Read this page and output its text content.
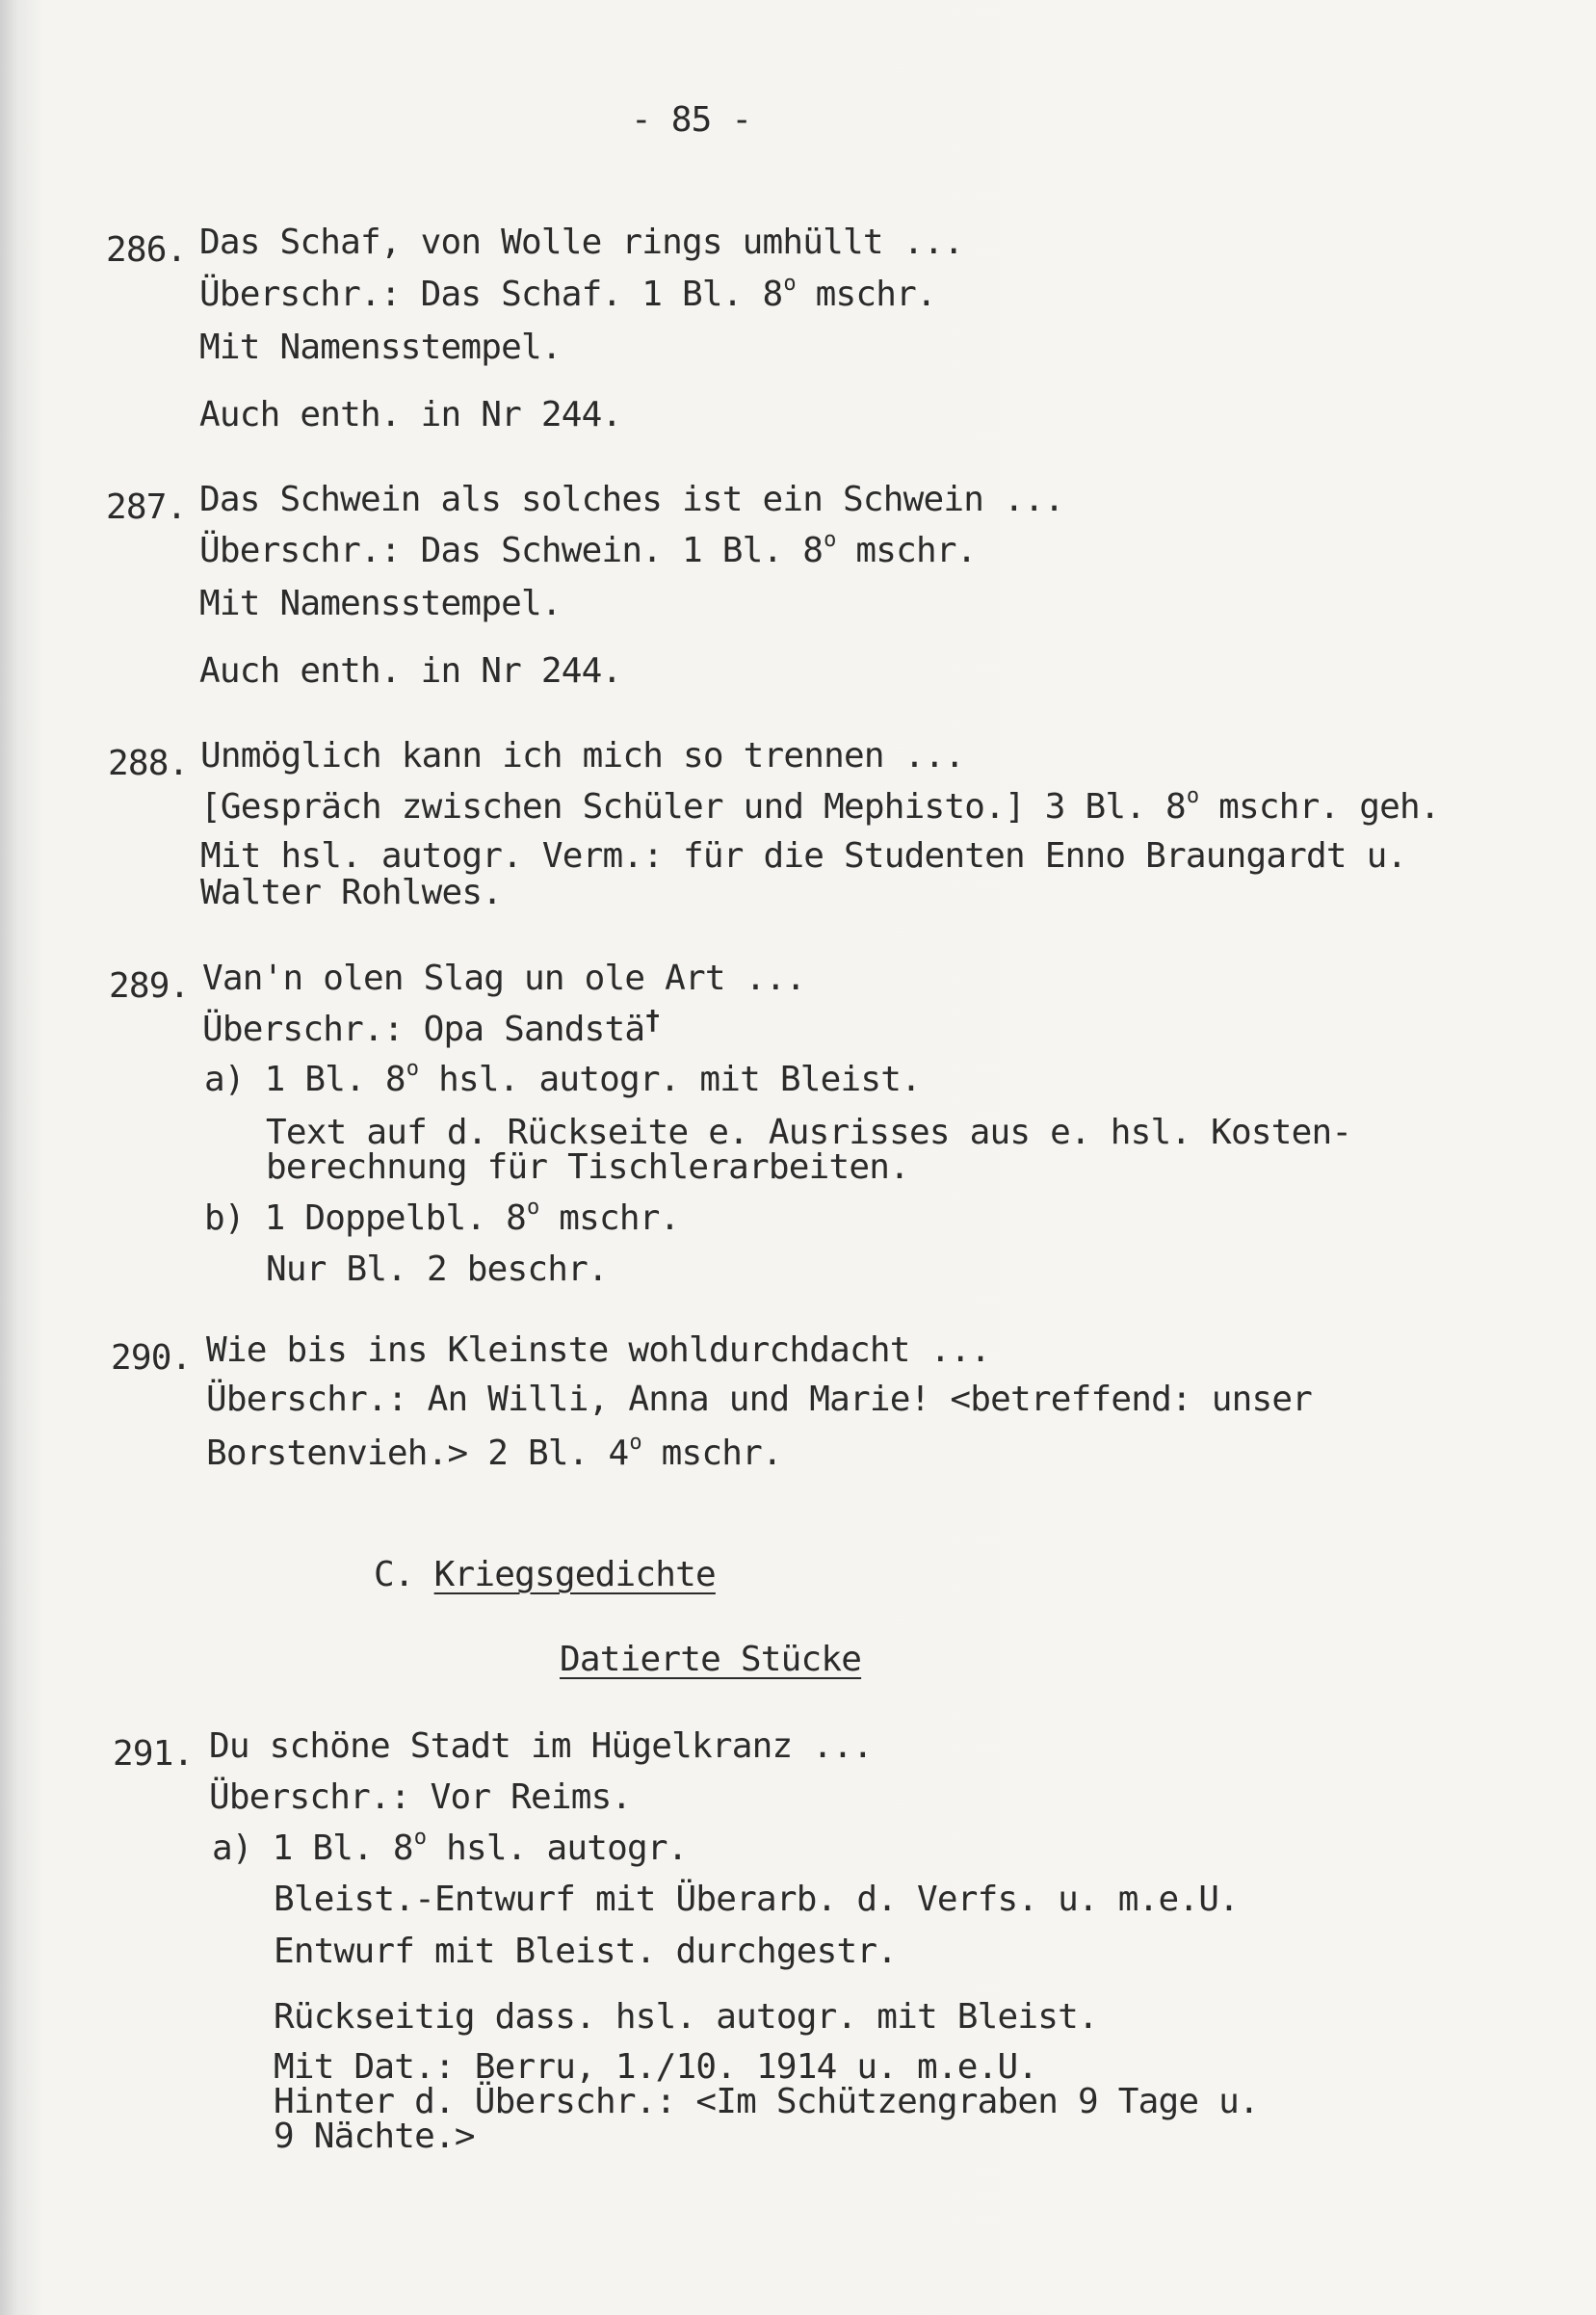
- 85 -
286. Das Schaf, von Wolle rings umhüllt ...
Überschr.: Das Schaf. 1 Bl. 8$^o$ mschr.
Mit Namensstempel.
Auch enth. in Nr 244.
287. Das Schwein als solches ist ein Schwein ...
Überschr.: Das Schwein. 1 Bl. 8$^o$ mschr.
Mit Namensstempel.
Auch enth. in Nr 244.
288. Unmöglich kann ich mich so trennen ...
[Gespräch zwischen Schüler und Mephisto.] 3 Bl. 8$^o$ mschr. geh.
Mit hsl. autogr. Verm.: für die Studenten Enno Braungardt u.
Walter Rohlwes.
289. Van'n olen Slag un ole Art ...
Überschr.: Opa Sandstä†
a) 1 Bl. 8$^o$ hsl. autogr. mit Bleist.
Text auf d. Rückseite e. Ausrisses aus e. hsl. Kosten-
berechnung für Tischlerarbeiten.
b) 1 Doppelbl. 8$^o$ mschr.
Nur Bl. 2 beschr.
290. Wie bis ins Kleinste wohldurchdacht ...
Überschr.: An Willi, Anna und Marie! <betreffend: unser
Borstenvieh.> 2 Bl. 4$^o$ mschr.
C. Kriegsgedichte
Datierte Stücke
291. Du schöne Stadt im Hügelkranz ...
Überschr.: Vor Reims.
a) 1 Bl. 8$^o$ hsl. autogr.
Bleist.-Entwurf mit Überarb. d. Verfs. u. m.e.U.
Entwurf mit Bleist. durchgestr.
Rückseitig dass. hsl. autogr. mit Bleist.
Mit Dat.: Berru, 1./10. 1914 u. m.e.U.
Hinter d. Überschr.: <Im Schützengraben 9 Tage u.
9 Nächte.>
